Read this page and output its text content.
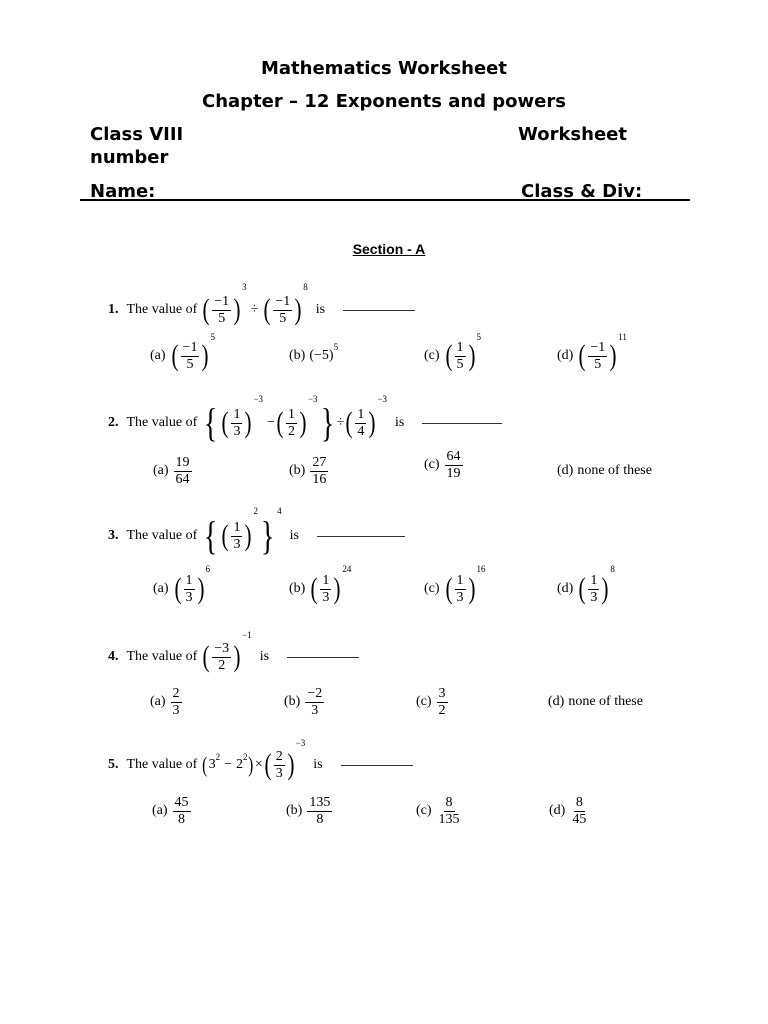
Mathematics Worksheet
Chapter – 12 Exponents and powers
Class VIII	Worksheet
number
Name:	Class & Div:
Section - A
1. The value of ( $\frac{-1}{5}$ )
3
÷ ( $\frac{-1}{5}$ )
8
is
(a) ( $\frac{-1}{5}$ )
5
(b) ( −5 )
5
(c) ( $\frac{1}{5}$ )
5
(d) ( $\frac{-1}{5}$ )
11
2. The value of { ( $\frac{1}{3}$ )
−3
− ( $\frac{1}{2}$ )
−3
} ÷ ( $\frac{1}{4}$ )
−3
is
$(a) \frac{19}{64}$	$(b) \frac{27}{16}$	$(c) \frac{64}{19}$	(d) none of these
3. The value of { ( $\frac{1}{3}$ )
2
}
4
is
(a) ( $\frac{1}{3}$ )
6
(b) ( $\frac{1}{3}$ )
24
(c) ( $\frac{1}{3}$ )
16
(d) ( $\frac{1}{3}$ )
8
4. The value of ( $\frac{-3}{2}$ )
−1
is
$(a) \frac{2}{3}$	$(b) \frac{-2}{3}$	$(c) \frac{3}{2}$	(d) none of these
5. The value of ( 3 2 − 2 2 ) × ( $\frac{2}{3}$ )
−3
is
$(a) \frac{45}{8}$	$(b) \frac{135}{8}$	$(c) \frac{8}{135}$	$(d) \frac{8}{45}$
